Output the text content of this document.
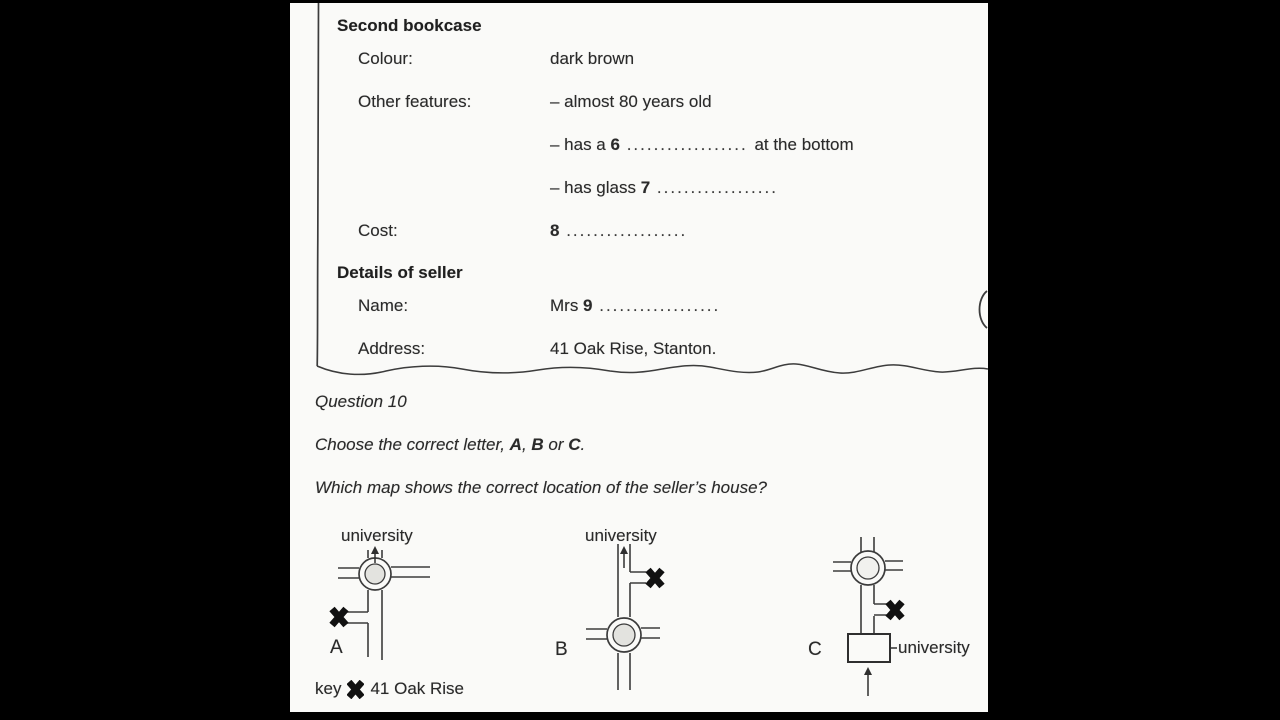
Second bookcase
Colour:	dark brown
Other features:	– almost 80 years old
– has a 6 .................. at the bottom
– has glass 7 ..................
Cost:	8 ..................
Details of seller
Name:	Mrs 9 ..................
Address:	41 Oak Rise, Stanton.
Question 10
Choose the correct letter, A, B or C.
Which map shows the correct location of the seller’s house?
university	university
university
A	B	C
key 41 Oak Rise
